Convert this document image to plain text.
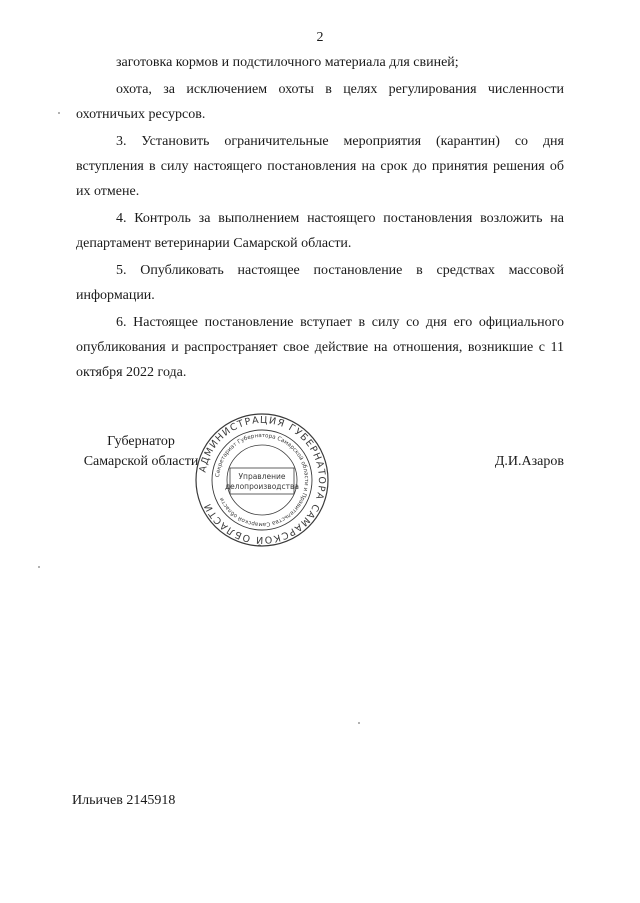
2

заготовка кормов и подстилочного материала для свиней;

охота, за исключением охоты в целях регулирования численности охотничьих ресурсов.

3. Установить ограничительные мероприятия (карантин) со дня вступления в силу настоящего постановления на срок до принятия решения об их отмене.

4. Контроль за выполнением настоящего постановления возложить на департамент ветеринарии Самарской области.

5. Опубликовать настоящее постановление в средствах массовой информации.

6. Настоящее постановление вступает в силу со дня его официального опубликования и распространяет свое действие на отношения, возникшие с 11 октября 2022 года.

Губернатор
Самарской области АДМИНИСТРАЦИЯ ГУБЕРНАТОРА САМАРСКОЙ ОБЛАСТИ
Секретариат Губернатора Самарской области и Правительства Самарской области
Управление
делопроизводства
Д.И.Азаров
Ильичев 2145918
